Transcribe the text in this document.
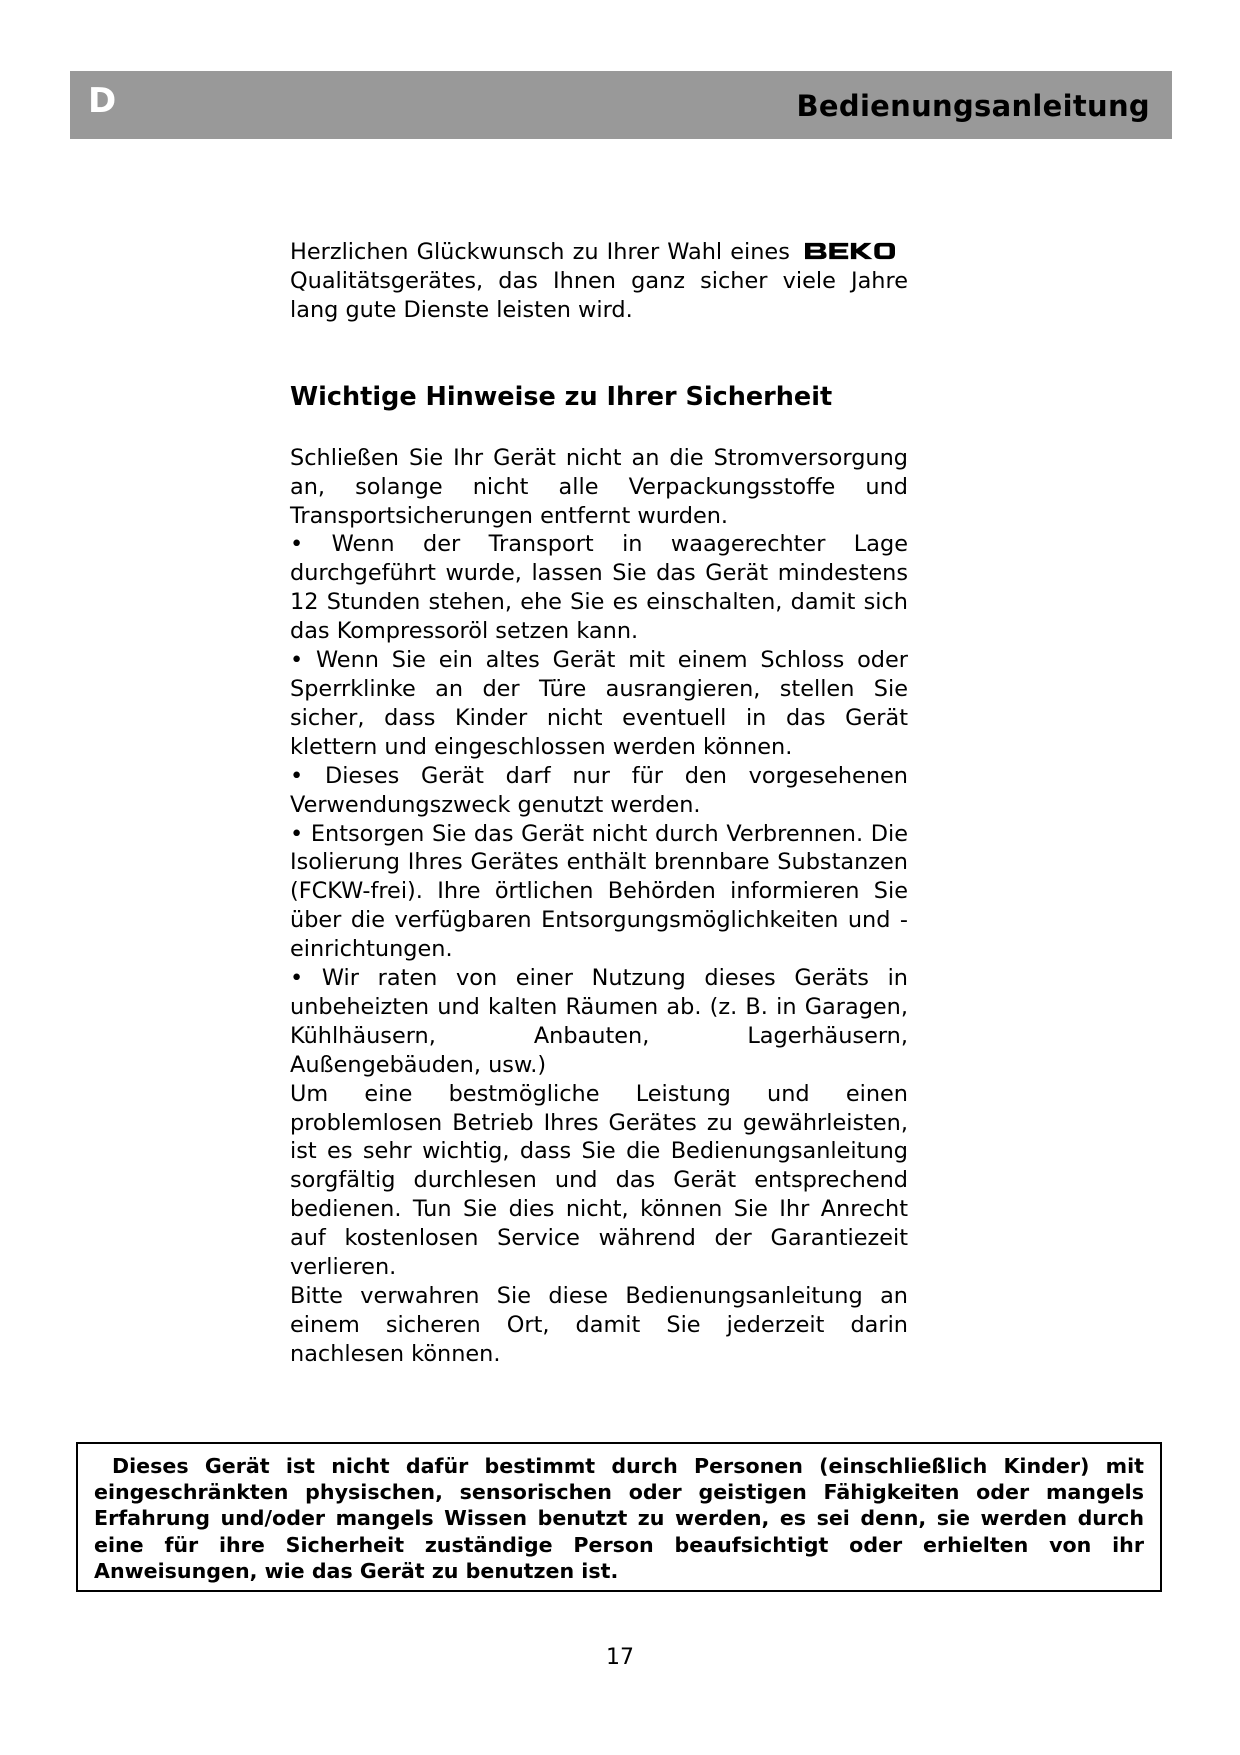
D	Bedienungsanleitung

Herzlichen Glückwunsch zu Ihrer Wahl eines Qualitätsgerätes, das Ihnen ganz sicher viele Jahre lang gute Dienste leisten wird.

Wichtige Hinweise zu Ihrer Sicherheit

Schließen Sie Ihr Gerät nicht an die Stromversorgung an, solange nicht alle Verpackungsstoffe und Transportsicherungen entfernt wurden.

• Wenn der Transport in waagerechter Lage durchgeführt wurde, lassen Sie das Gerät mindestens 12 Stunden stehen, ehe Sie es einschalten, damit sich das Kompressoröl setzen kann.

• Wenn Sie ein altes Gerät mit einem Schloss oder Sperrklinke an der Türe ausrangieren, stellen Sie sicher, dass Kinder nicht eventuell in das Gerät klettern und eingeschlossen werden können.

• Dieses Gerät darf nur für den vorgesehenen Verwendungszweck genutzt werden.

• Entsorgen Sie das Gerät nicht durch Verbrennen. Die Isolierung Ihres Gerätes enthält brennbare Substanzen (FCKW-frei). Ihre örtlichen Behörden informieren Sie über die verfügbaren Entsorgungsmöglichkeiten und -einrichtungen.

• Wir raten von einer Nutzung dieses Geräts in unbeheizten und kalten Räumen ab. (z. B. in Garagen, Kühlhäusern, Anbauten, Lagerhäusern, Außengebäuden, usw.)

Um eine bestmögliche Leistung und einen problemlosen Betrieb Ihres Gerätes zu gewährleisten, ist es sehr wichtig, dass Sie die Bedienungsanleitung sorgfältig durchlesen und das Gerät entsprechend bedienen. Tun Sie dies nicht, können Sie Ihr Anrecht auf kostenlosen Service während der Garantiezeit verlieren.

Bitte verwahren Sie diese Bedienungsanleitung an einem sicheren Ort, damit Sie jederzeit darin nachlesen können.

Dieses Gerät ist nicht dafür bestimmt durch Personen (einschließlich Kinder) mit eingeschränkten physischen, sensorischen oder geistigen Fähigkeiten oder mangels Erfahrung und/oder mangels Wissen benutzt zu werden, es sei denn, sie werden durch eine für ihre Sicherheit zuständige Person beaufsichtigt oder erhielten von ihr Anweisungen, wie das Gerät zu benutzen ist.
17
